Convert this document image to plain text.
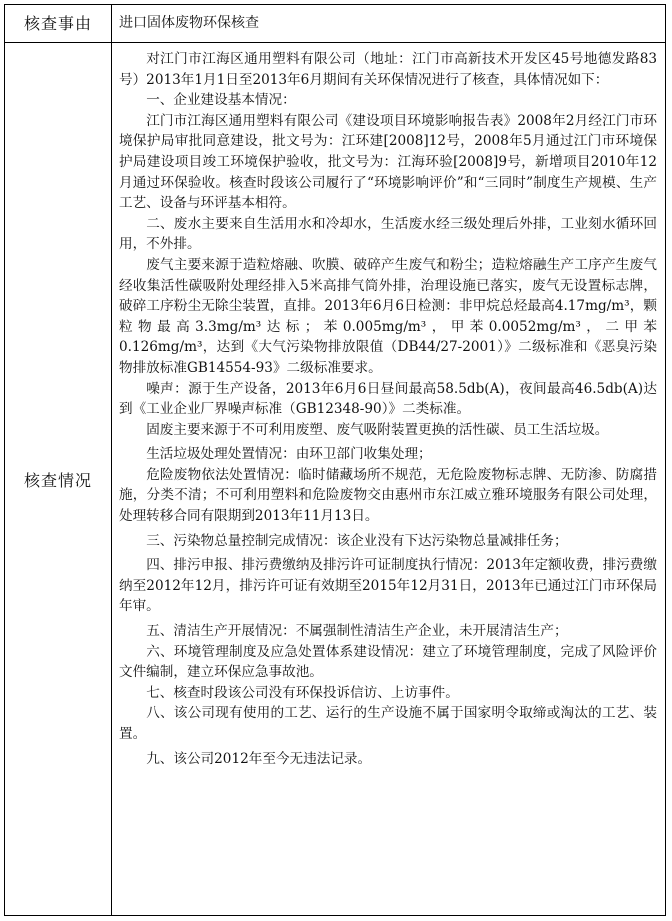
核查事由	进口固体废物环保核查
核查情况

对江门市江海区通用塑料有限公司（地址：江门市高新技术开发区45号地德发路83号）2013年1月1日至2013年6月期间有关环保情况进行了核查，具体情况如下：

一、企业建设基本情况：

江门市江海区通用塑料有限公司《建设项目环境影响报告表》2008年2月经江门市环境保护局审批同意建设，批文号为：江环建[2008]12号，2008年5月通过江门市环境保护局建设项目竣工环境保护验收，批文号为：江海环验[2008]9号，新增项目2010年12月通过环保验收。核查时段该公司履行了“环境影响评价”和“三同时”制度生产规模、生产工艺、设备与环评基本相符。

二、废水主要来自生活用水和冷却水，生活废水经三级处理后外排，工业刻水循环回用，不外排。

废气主要来源于造粒熔融、吹膜、破碎产生废气和粉尘；造粒熔融生产工序产生废气经收集活性碳吸附处理经排入5米高排气筒外排，治理设施已落实，废气无设置标志牌，破碎工序粉尘无除尘装置，直排。2013年6月6日检测：非甲烷总烃最高4.17mg/m³，颗粒物最高3.3mg/m³达标；苯0.005mg/m³，甲苯0.0052mg/m³，二甲苯0.126mg/m³，达到《大气污染物排放限值（DB44/27-2001）》二级标准和《恶臭污染物排放标准GB14554-93》二级标准要求。

噪声：源于生产设备，2013年6月6日昼间最高58.5db(A)，夜间最高46.5db(A)达到《工业企业厂界噪声标准（GB12348-90）》二类标准。

固废主要来源于不可利用废塑、废气吸附装置更换的活性碳、员工生活垃圾。

生活垃圾处理处置情况：由环卫部门收集处理；

危险废物依法处置情况：临时储藏场所不规范，无危险废物标志牌、无防渗、防腐措施，分类不清；不可利用塑料和危险废物交由惠州市东江威立雅环境服务有限公司处理，处理转移合同有限期到2013年11月13日。

三、污染物总量控制完成情况：该企业没有下达污染物总量减排任务；

四、排污申报、排污费缴纳及排污许可证制度执行情况：2013年定额收费，排污费缴纳至2012年12月，排污许可证有效期至2015年12月31日，2013年已通过江门市环保局年审。

五、清洁生产开展情况：不属强制性清洁生产企业，未开展清洁生产；

六、环境管理制度及应急处置体系建设情况：建立了环境管理制度，完成了风险评价文件编制，建立环保应急事故池。

七、核查时段该公司没有环保投诉信访、上访事件。

八、该公司现有使用的工艺、运行的生产设施不属于国家明令取缔或淘汰的工艺、装置。

九、该公司2012年至今无违法记录。
